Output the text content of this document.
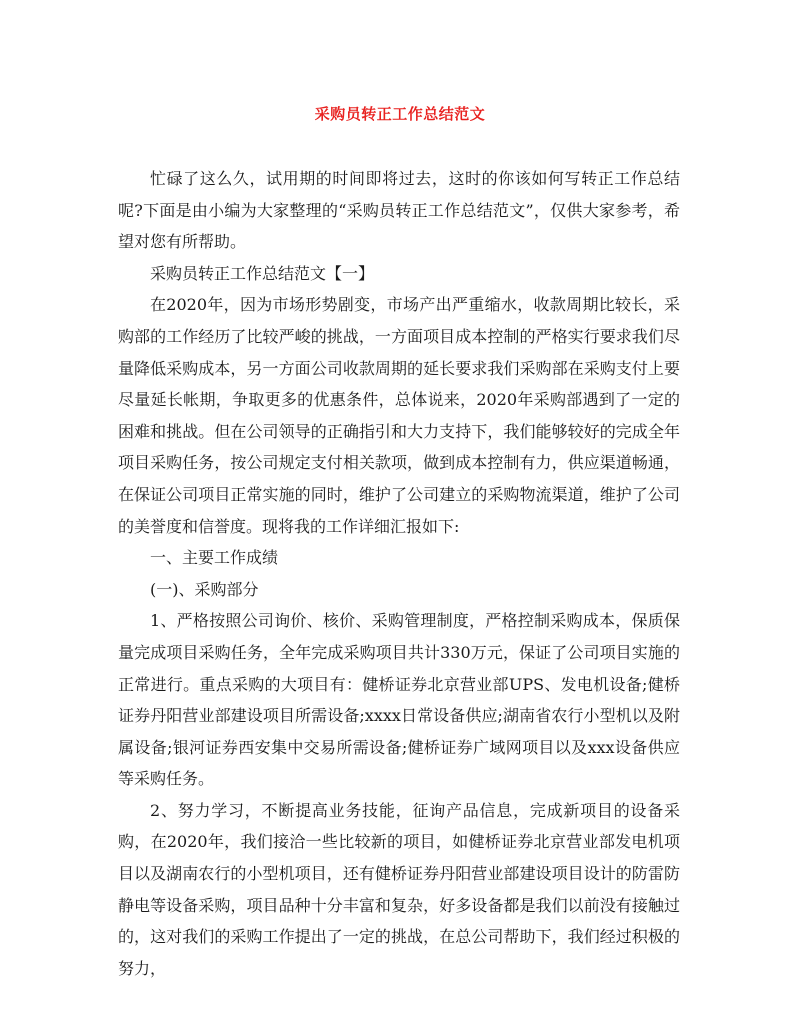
采购员转正工作总结范文

忙碌了这么久，试用期的时间即将过去，这时的你该如何写转正工作总结呢?下面是由小编为大家整理的“采购员转正工作总结范文”，仅供大家参考，希望对您有所帮助。

采购员转正工作总结范文【一】

在2020年，因为市场形势剧变，市场产出严重缩水，收款周期比较长，采购部的工作经历了比较严峻的挑战，一方面项目成本控制的严格实行要求我们尽量降低采购成本，另一方面公司收款周期的延长要求我们采购部在采购支付上要尽量延长帐期，争取更多的优惠条件，总体说来，2020年采购部遇到了一定的困难和挑战。但在公司领导的正确指引和大力支持下，我们能够较好的完成全年项目采购任务，按公司规定支付相关款项，做到成本控制有力，供应渠道畅通，在保证公司项目正常实施的同时，维护了公司建立的采购物流渠道，维护了公司的美誉度和信誉度。现将我的工作详细汇报如下:

一、主要工作成绩

(一)、采购部分

1、严格按照公司询价、核价、采购管理制度，严格控制采购成本，保质保量完成项目采购任务，全年完成采购项目共计330万元，保证了公司项目实施的正常进行。重点采购的大项目有：健桥证券北京营业部UPS、发电机设备;健桥证券丹阳营业部建设项目所需设备;xxxx日常设备供应;湖南省农行小型机以及附属设备;银河证券西安集中交易所需设备;健桥证券广域网项目以及xxx设备供应等采购任务。

2、努力学习，不断提高业务技能，征询产品信息，完成新项目的设备采购，在2020年，我们接洽一些比较新的项目，如健桥证券北京营业部发电机项目以及湖南农行的小型机项目，还有健桥证券丹阳营业部建设项目设计的防雷防静电等设备采购，项目品种十分丰富和复杂，好多设备都是我们以前没有接触过的，这对我们的采购工作提出了一定的挑战，在总公司帮助下，我们经过积极的努力，
